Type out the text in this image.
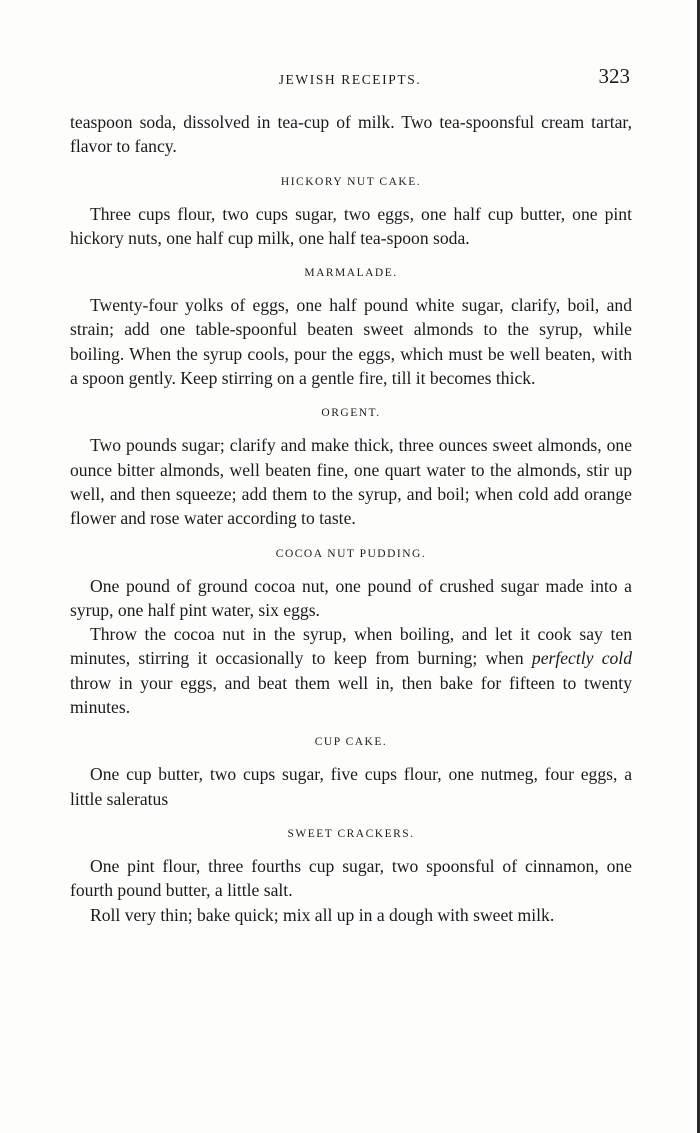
JEWISH RECEIPTS.	323

teaspoon soda, dissolved in tea-cup of milk. Two tea-spoonsful cream tartar, flavor to fancy.

HICKORY NUT CAKE.

Three cups flour, two cups sugar, two eggs, one half cup butter, one pint hickory nuts, one half cup milk, one half tea-spoon soda.

MARMALADE.

Twenty-four yolks of eggs, one half pound white sugar, clarify, boil, and strain; add one table-spoonful beaten sweet almonds to the syrup, while boiling. When the syrup cools, pour the eggs, which must be well beaten, with a spoon gently. Keep stirring on a gentle fire, till it becomes thick.

ORGENT.

Two pounds sugar; clarify and make thick, three ounces sweet almonds, one ounce bitter almonds, well beaten fine, one quart water to the almonds, stir up well, and then squeeze; add them to the syrup, and boil; when cold add orange flower and rose water according to taste.

COCOA NUT PUDDING.

One pound of ground cocoa nut, one pound of crushed sugar made into a syrup, one half pint water, six eggs.

Throw the cocoa nut in the syrup, when boiling, and let it cook say ten minutes, stirring it occasionally to keep from burning; when perfectly cold throw in your eggs, and beat them well in, then bake for fifteen to twenty minutes.

CUP CAKE.

One cup butter, two cups sugar, five cups flour, one nutmeg, four eggs, a little saleratus

SWEET CRACKERS.

One pint flour, three fourths cup sugar, two spoonsful of cinnamon, one fourth pound butter, a little salt.

Roll very thin; bake quick; mix all up in a dough with sweet milk.
